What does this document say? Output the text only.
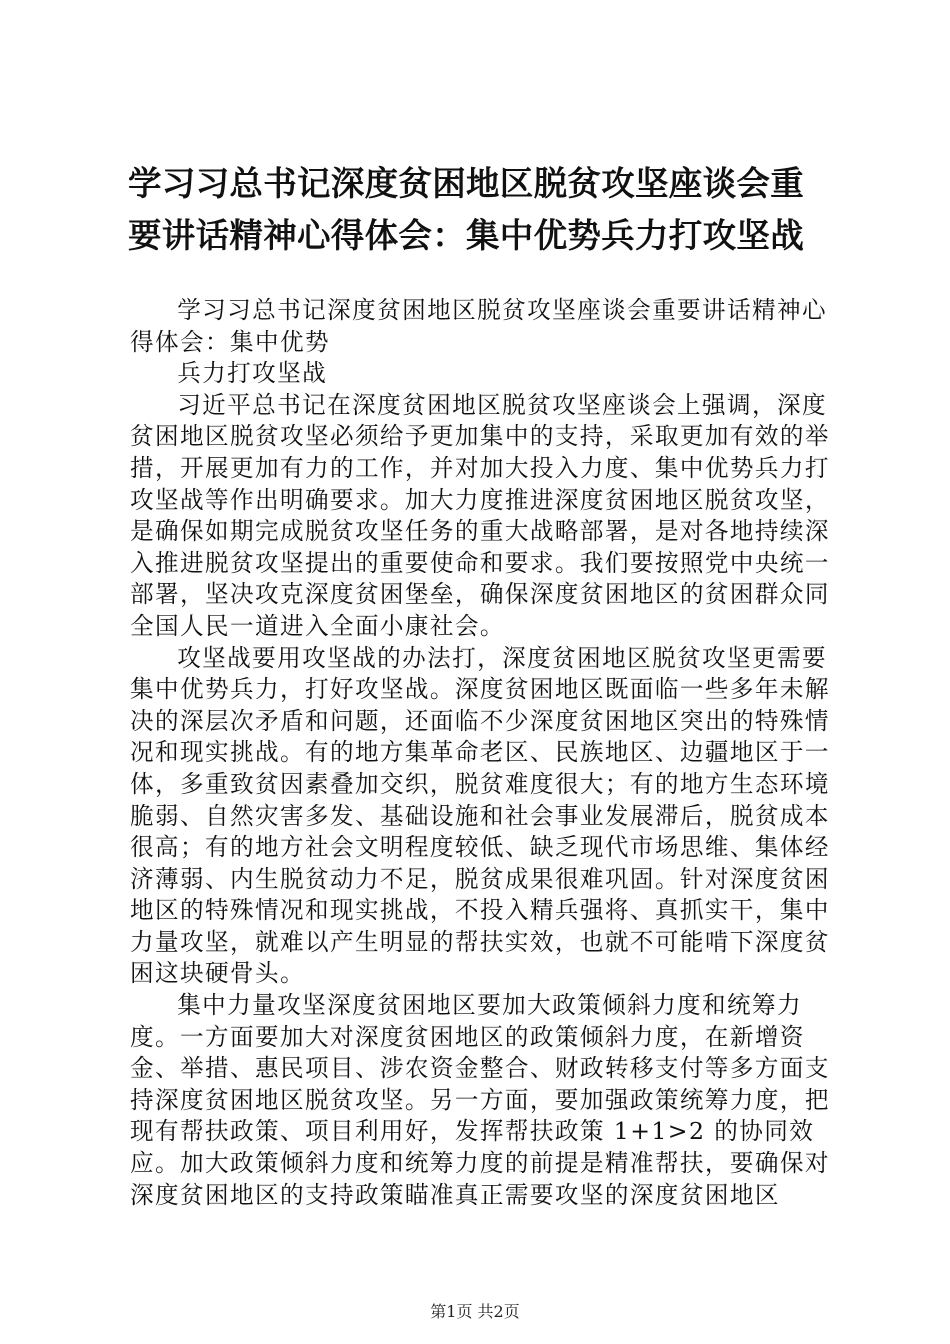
学习习总书记深度贫困地区脱贫攻坚座谈会重要讲话精神心得体会：集中优势兵力打攻坚战

学习习总书记深度贫困地区脱贫攻坚座谈会重要讲话精神心得体会：集中优势

兵力打攻坚战

习近平总书记在深度贫困地区脱贫攻坚座谈会上强调，深度贫困地区脱贫攻坚必须给予更加集中的支持，采取更加有效的举措，开展更加有力的工作，并对加大投入力度、集中优势兵力打攻坚战等作出明确要求。加大力度推进深度贫困地区脱贫攻坚，是确保如期完成脱贫攻坚任务的重大战略部署，是对各地持续深入推进脱贫攻坚提出的重要使命和要求。我们要按照党中央统一部署，坚决攻克深度贫困堡垒，确保深度贫困地区的贫困群众同全国人民一道进入全面小康社会。

攻坚战要用攻坚战的办法打，深度贫困地区脱贫攻坚更需要集中优势兵力，打好攻坚战。深度贫困地区既面临一些多年未解决的深层次矛盾和问题，还面临不少深度贫困地区突出的特殊情况和现实挑战。有的地方集革命老区、民族地区、边疆地区于一体，多重致贫因素叠加交织，脱贫难度很大；有的地方生态环境脆弱、自然灾害多发、基础设施和社会事业发展滞后，脱贫成本很高；有的地方社会文明程度较低、缺乏现代市场思维、集体经济薄弱、内生脱贫动力不足，脱贫成果很难巩固。针对深度贫困地区的特殊情况和现实挑战，不投入精兵强将、真抓实干，集中力量攻坚，就难以产生明显的帮扶实效，也就不可能啃下深度贫困这块硬骨头。

集中力量攻坚深度贫困地区要加大政策倾斜力度和统筹力度。一方面要加大对深度贫困地区的政策倾斜力度，在新增资金、举措、惠民项目、涉农资金整合、财政转移支付等多方面支持深度贫困地区脱贫攻坚。另一方面，要加强政策统筹力度，把现有帮扶政策、项目利用好，发挥帮扶政策 1+1>2 的协同效应。加大政策倾斜力度和统筹力度的前提是精准帮扶，要确保对深度贫困地区的支持政策瞄准真正需要攻坚的深度贫困地区

第1页 共2页
